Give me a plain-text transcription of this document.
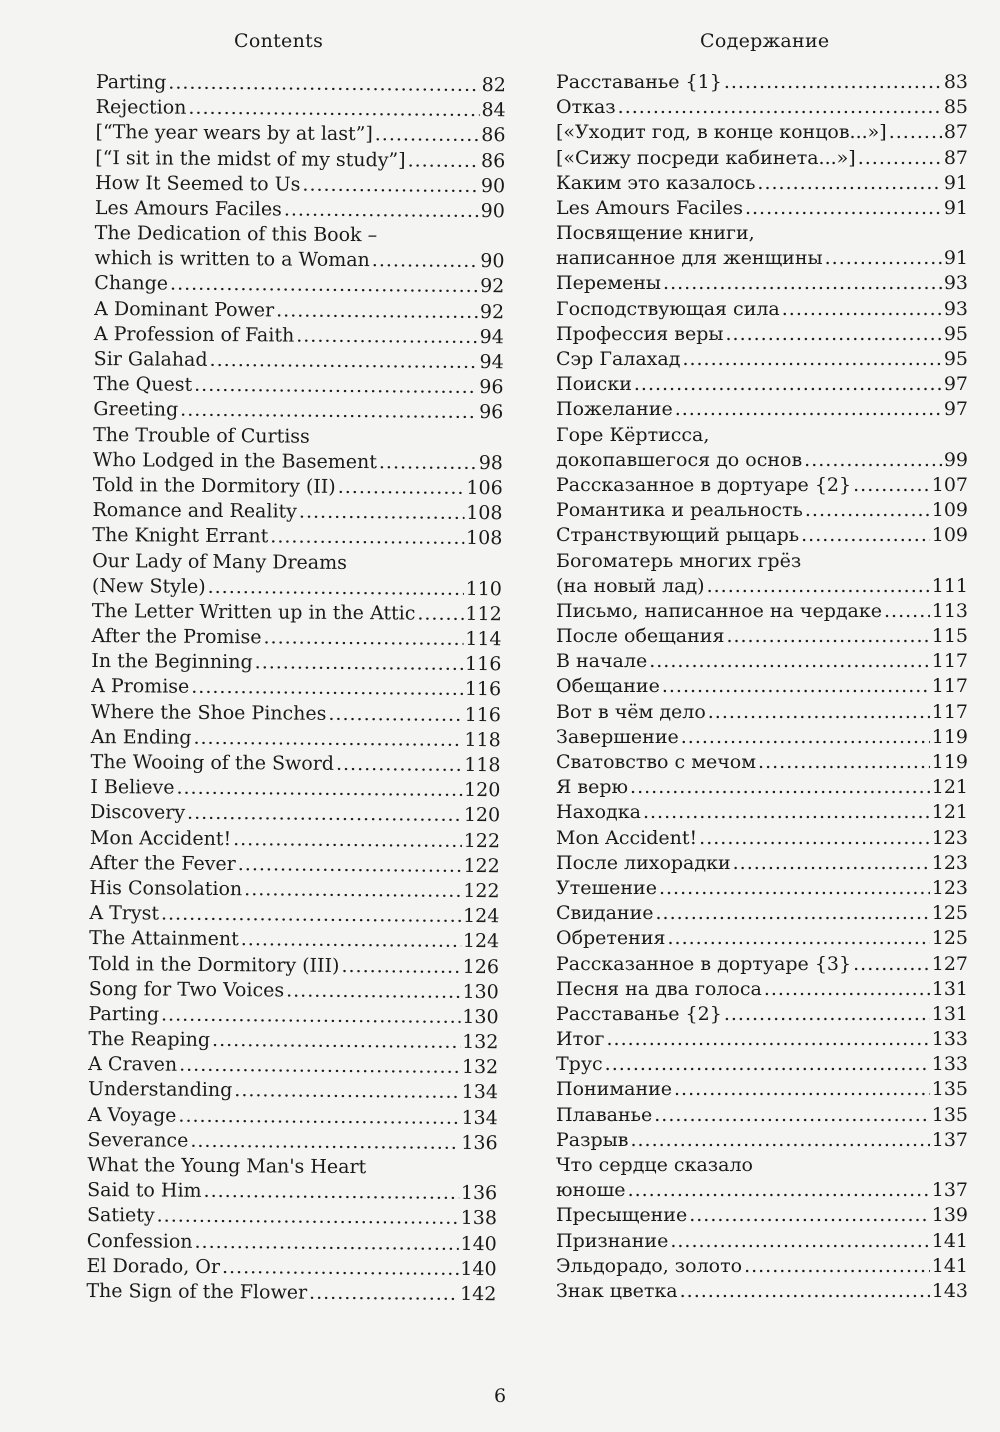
Contents	Содержание
Parting .....	82
Rejection .....	84
[“The year wears by at last”] .....	86
[“I sit in the midst of my study”] .....	86
How It Seemed to Us .....	90
Les Amours Faciles .....	90
The Dedication of this Book –
which is written to a Woman .....	90
Change .....	92
A Dominant Power .....	92
A Profession of Faith .....	94
Sir Galahad .....	94
The Quest .....	96
Greeting .....	96
The Trouble of Curtiss
Who Lodged in the Basement .....	98
Told in the Dormitory (II) .....	106
Romance and Reality .....	108
The Knight Errant .....	108
Our Lady of Many Dreams
(New Style) .....	110
The Letter Written up in the Attic .....	112
After the Promise .....	114
In the Beginning .....	116
A Promise .....	116
Where the Shoe Pinches .....	116
An Ending .....	118
The Wooing of the Sword .....	118
I Believe .....	120
Discovery .....	120
Mon Accident! .....	122
After the Fever .....	122
His Consolation .....	122
A Tryst .....	124
The Attainment .....	124
Told in the Dormitory (III) .....	126
Song for Two Voices .....	130
Parting .....	130
The Reaping .....	132
A Craven .....	132
Understanding .....	134
A Voyage .....	134
Severance .....	136
What the Young Man's Heart
Said to Him .....	136
Satiety .....	138
Confession .....	140
El Dorado, Or .....	140
The Sign of the Flower .....	142
Расставанье {1} .....	83
Отказ .....	85
[«Уходит год, в конце концов...»] .....	87
[«Сижу посреди кабинета...»] .....	87
Каким это казалось .....	91
Les Amours Faciles .....	91
Посвящение книги,
написанное для женщины .....	91
Перемены .....	93
Господствующая сила .....	93
Профессия веры .....	95
Сэр Галахад .....	95
Поиски .....	97
Пожелание .....	97
Горе Кёртисса,
докопавшегося до основ .....	99
Рассказанное в дортуаре {2} .....	107
Романтика и реальность .....	109
Странствующий рыцарь .....	109
Богоматерь многих грёз
(на новый лад) .....	111
Письмо, написанное на чердаке .....	113
После обещания .....	115
В начале .....	117
Обещание .....	117
Вот в чём дело .....	117
Завершение .....	119
Сватовство с мечом .....	119
Я верю .....	121
Находка .....	121
Mon Accident! .....	123
После лихорадки .....	123
Утешение .....	123
Свидание .....	125
Обретения .....	125
Рассказанное в дортуаре {3} .....	127
Песня на два голоса .....	131
Расставанье {2} .....	131
Итог .....	133
Трус .....	133
Понимание .....	135
Плаванье .....	135
Разрыв .....	137
Что сердце сказало
юноше .....	137
Пресыщение .....	139
Признание .....	141
Эльдорадо, золото .....	141
Знак цветка .....	143
6
